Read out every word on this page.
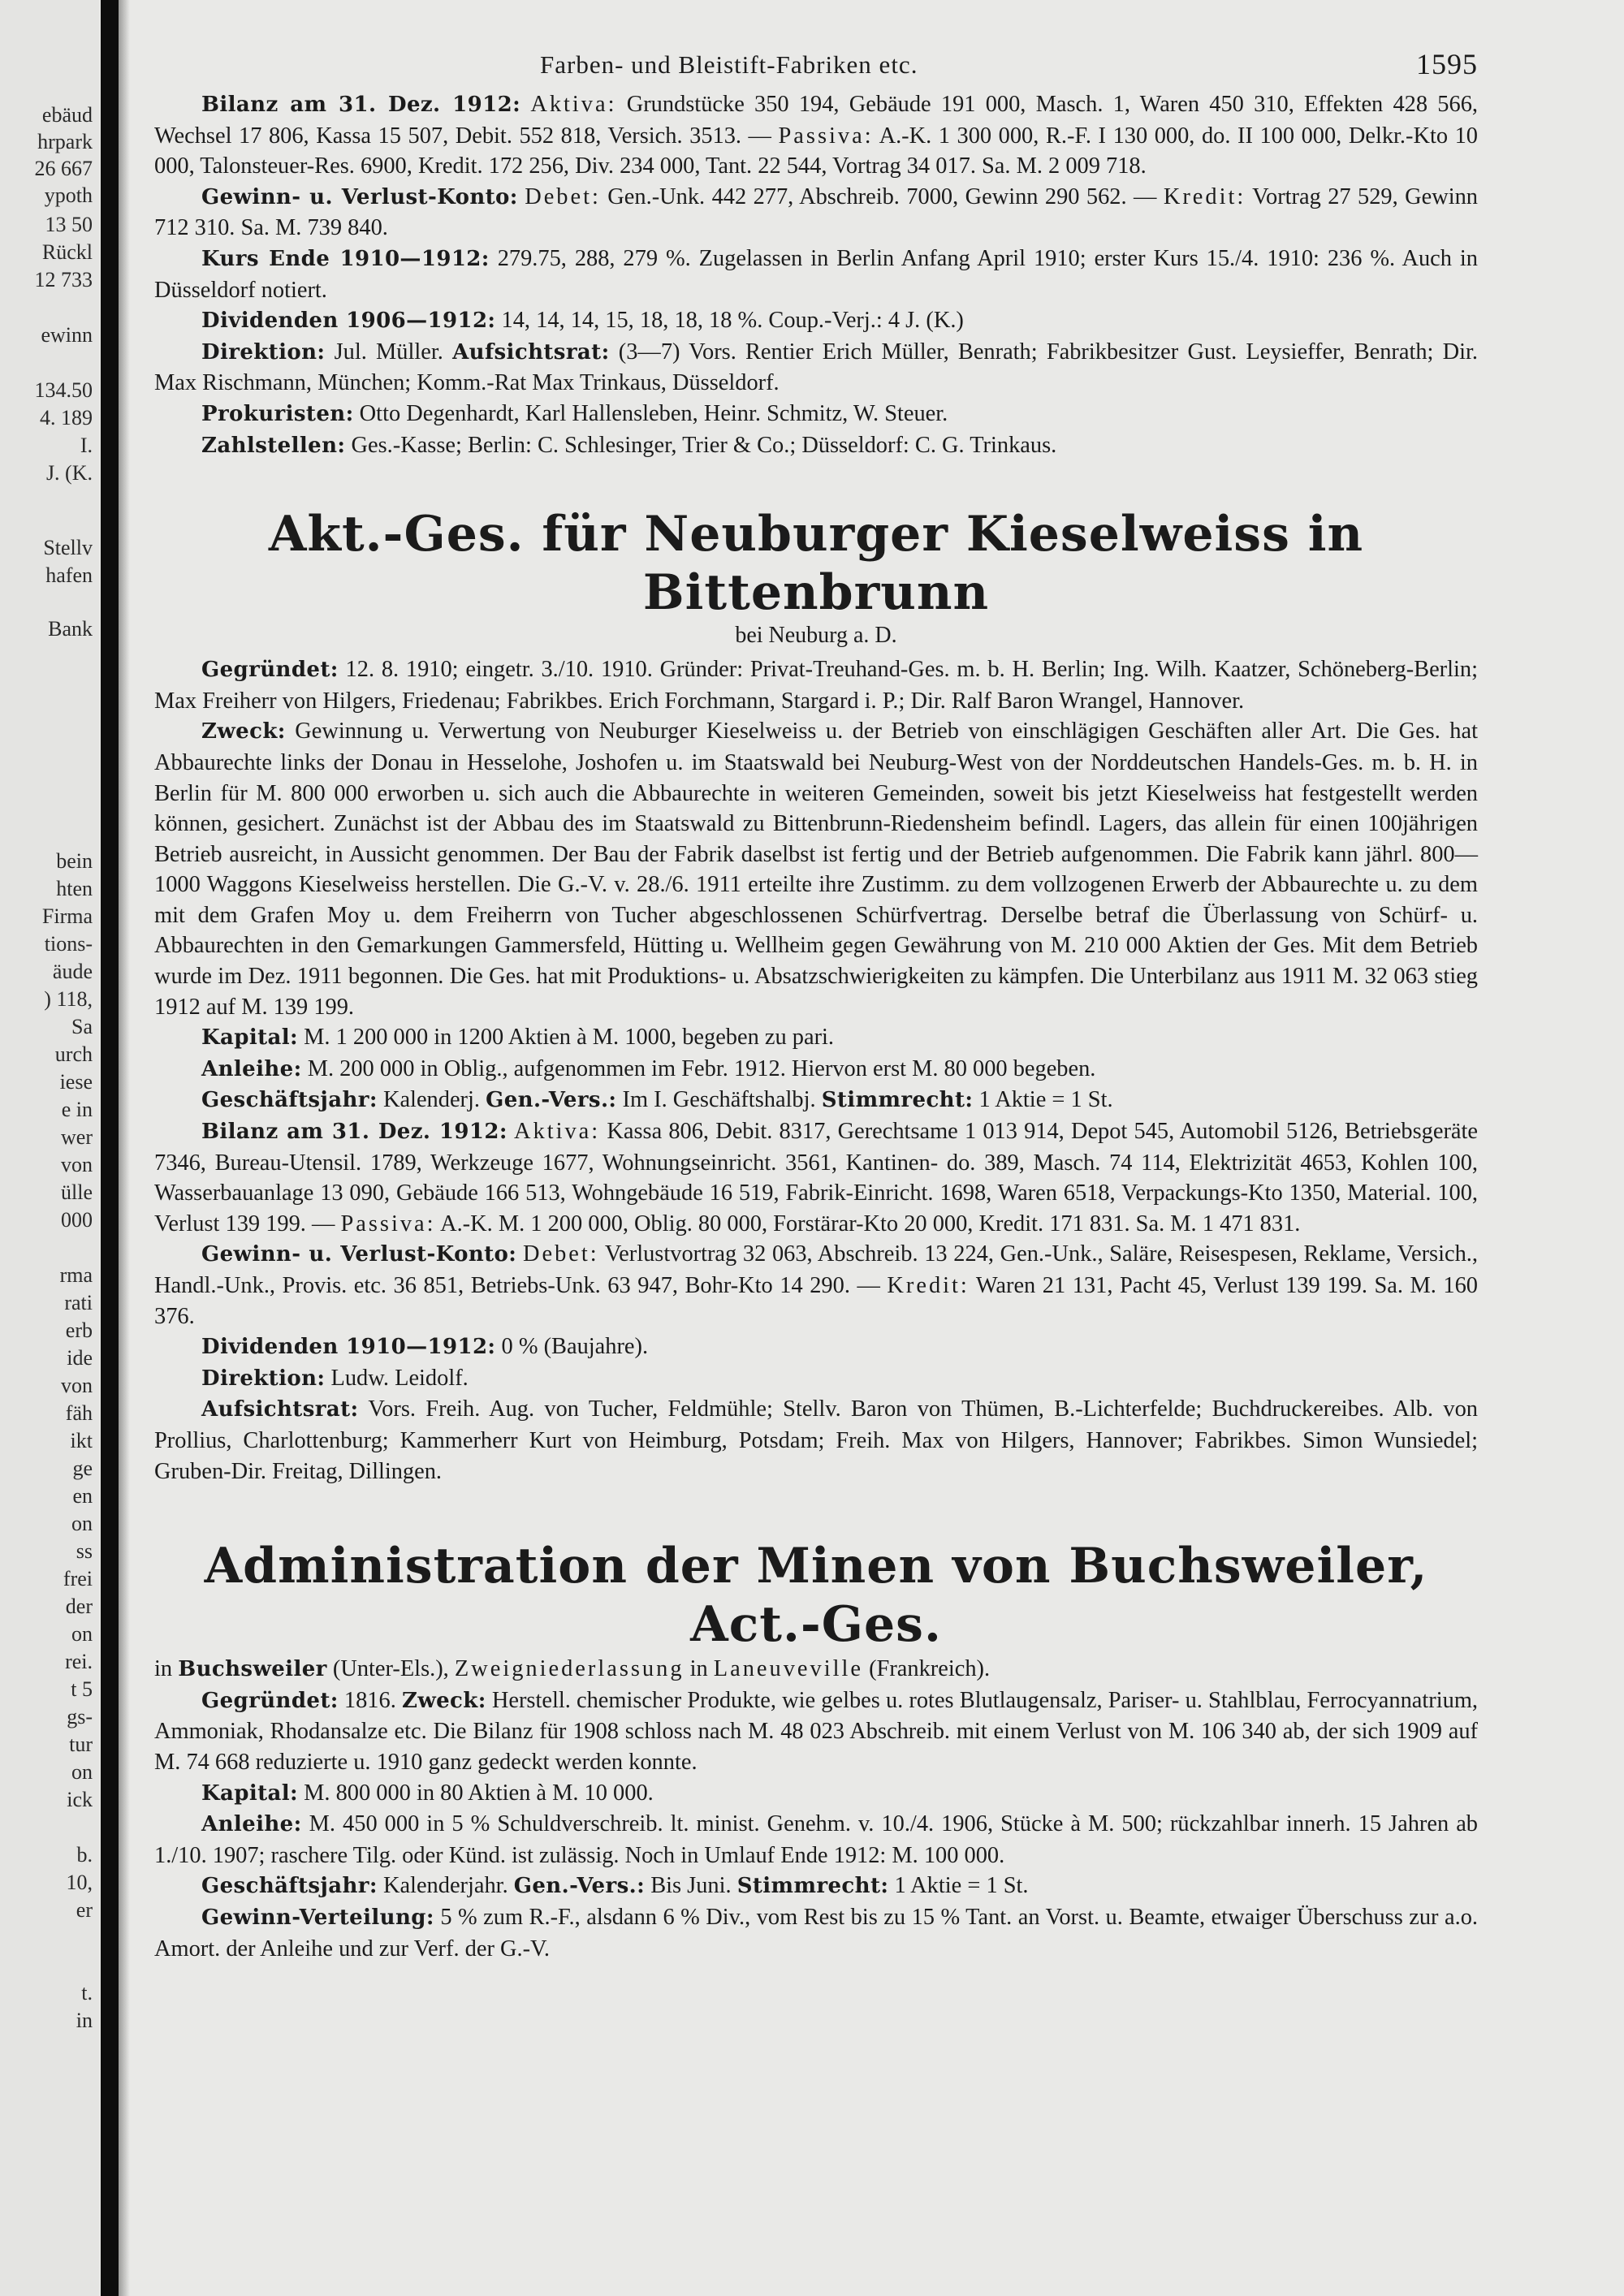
ebäud
hrpark
26 667
ypoth
13 50
Rückl
12 733
ewinn
134.50
4. 189
I.
J. (K.
Stellv
hafen
Bank
bein
hten
Firma
tions-
äude
) 118,
Sa
urch
iese
e in
wer
von
ülle
000
rma
rati
erb
ide
von
fäh
ikt
ge
en
on
ss
frei
der
on
rei.
t 5
gs-
tur
on
ick
b.
10,
er
t.
in
Farben- und Bleistift-Fabriken etc.	1595

Bilanz am 31. Dez. 1912: Aktiva: Grundstücke 350 194, Gebäude 191 000, Masch. 1, Waren 450 310, Effekten 428 566, Wechsel 17 806, Kassa 15 507, Debit. 552 818, Versich. 3513. — Passiva: A.-K. 1 300 000, R.-F. I 130 000, do. II 100 000, Delkr.-Kto 10 000, Talonsteuer-Res. 6900, Kredit. 172 256, Div. 234 000, Tant. 22 544, Vortrag 34 017. Sa. M. 2 009 718.

Gewinn- u. Verlust-Konto: Debet: Gen.-Unk. 442 277, Abschreib. 7000, Gewinn 290 562. — Kredit: Vortrag 27 529, Gewinn 712 310. Sa. M. 739 840.

Kurs Ende 1910—1912: 279.75, 288, 279 %. Zugelassen in Berlin Anfang April 1910; erster Kurs 15./4. 1910: 236 %. Auch in Düsseldorf notiert.

Dividenden 1906—1912: 14, 14, 14, 15, 18, 18, 18 %. Coup.-Verj.: 4 J. (K.)

Direktion: Jul. Müller. Aufsichtsrat: (3—7) Vors. Rentier Erich Müller, Benrath; Fabrikbesitzer Gust. Leysieffer, Benrath; Dir. Max Rischmann, München; Komm.-Rat Max Trinkaus, Düsseldorf.

Prokuristen: Otto Degenhardt, Karl Hallensleben, Heinr. Schmitz, W. Steuer.

Zahlstellen: Ges.-Kasse; Berlin: C. Schlesinger, Trier & Co.; Düsseldorf: C. G. Trinkaus.

Akt.-Ges. für Neuburger Kieselweiss in Bittenbrunn
bei Neuburg a. D.

Gegründet: 12. 8. 1910; eingetr. 3./10. 1910. Gründer: Privat-Treuhand-Ges. m. b. H. Berlin; Ing. Wilh. Kaatzer, Schöneberg-Berlin; Max Freiherr von Hilgers, Friedenau; Fabrikbes. Erich Forchmann, Stargard i. P.; Dir. Ralf Baron Wrangel, Hannover.

Zweck: Gewinnung u. Verwertung von Neuburger Kieselweiss u. der Betrieb von einschlägigen Geschäften aller Art. Die Ges. hat Abbaurechte links der Donau in Hesselohe, Joshofen u. im Staatswald bei Neuburg-West von der Norddeutschen Handels-Ges. m. b. H. in Berlin für M. 800 000 erworben u. sich auch die Abbaurechte in weiteren Gemeinden, soweit bis jetzt Kieselweiss hat festgestellt werden können, gesichert. Zunächst ist der Abbau des im Staatswald zu Bittenbrunn-Riedensheim befindl. Lagers, das allein für einen 100jährigen Betrieb ausreicht, in Aussicht genommen. Der Bau der Fabrik daselbst ist fertig und der Betrieb aufgenommen. Die Fabrik kann jährl. 800—1000 Waggons Kieselweiss herstellen. Die G.-V. v. 28./6. 1911 erteilte ihre Zustimm. zu dem vollzogenen Erwerb der Abbaurechte u. zu dem mit dem Grafen Moy u. dem Freiherrn von Tucher abgeschlossenen Schürfvertrag. Derselbe betraf die Überlassung von Schürf- u. Abbaurechten in den Gemarkungen Gammersfeld, Hütting u. Wellheim gegen Gewährung von M. 210 000 Aktien der Ges. Mit dem Betrieb wurde im Dez. 1911 begonnen. Die Ges. hat mit Produktions- u. Absatzschwierigkeiten zu kämpfen. Die Unterbilanz aus 1911 M. 32 063 stieg 1912 auf M. 139 199.

Kapital: M. 1 200 000 in 1200 Aktien à M. 1000, begeben zu pari.

Anleihe: M. 200 000 in Oblig., aufgenommen im Febr. 1912. Hiervon erst M. 80 000 begeben.

Geschäftsjahr: Kalenderj. Gen.-Vers.: Im I. Geschäftshalbj. Stimmrecht: 1 Aktie = 1 St.

Bilanz am 31. Dez. 1912: Aktiva: Kassa 806, Debit. 8317, Gerechtsame 1 013 914, Depot 545, Automobil 5126, Betriebsgeräte 7346, Bureau-Utensil. 1789, Werkzeuge 1677, Wohnungseinricht. 3561, Kantinen- do. 389, Masch. 74 114, Elektrizität 4653, Kohlen 100, Wasserbauanlage 13 090, Gebäude 166 513, Wohngebäude 16 519, Fabrik-Einricht. 1698, Waren 6518, Verpackungs-Kto 1350, Material. 100, Verlust 139 199. — Passiva: A.-K. M. 1 200 000, Oblig. 80 000, Forstärar-Kto 20 000, Kredit. 171 831. Sa. M. 1 471 831.

Gewinn- u. Verlust-Konto: Debet: Verlustvortrag 32 063, Abschreib. 13 224, Gen.-Unk., Saläre, Reisespesen, Reklame, Versich., Handl.-Unk., Provis. etc. 36 851, Betriebs-Unk. 63 947, Bohr-Kto 14 290. — Kredit: Waren 21 131, Pacht 45, Verlust 139 199. Sa. M. 160 376.

Dividenden 1910—1912: 0 % (Baujahre).

Direktion: Ludw. Leidolf.

Aufsichtsrat: Vors. Freih. Aug. von Tucher, Feldmühle; Stellv. Baron von Thümen, B.-Lichterfelde; Buchdruckereibes. Alb. von Prollius, Charlottenburg; Kammerherr Kurt von Heimburg, Potsdam; Freih. Max von Hilgers, Hannover; Fabrikbes. Simon Wunsiedel; Gruben-Dir. Freitag, Dillingen.

Administration der Minen von Buchsweiler, Act.-Ges.

in Buchsweiler (Unter-Els.), Zweigniederlassung in Laneuveville (Frankreich).

Gegründet: 1816. Zweck: Herstell. chemischer Produkte, wie gelbes u. rotes Blutlaugensalz, Pariser- u. Stahlblau, Ferrocyannatrium, Ammoniak, Rhodansalze etc. Die Bilanz für 1908 schloss nach M. 48 023 Abschreib. mit einem Verlust von M. 106 340 ab, der sich 1909 auf M. 74 668 reduzierte u. 1910 ganz gedeckt werden konnte.

Kapital: M. 800 000 in 80 Aktien à M. 10 000.

Anleihe: M. 450 000 in 5 % Schuldverschreib. lt. minist. Genehm. v. 10./4. 1906, Stücke à M. 500; rückzahlbar innerh. 15 Jahren ab 1./10. 1907; raschere Tilg. oder Künd. ist zulässig. Noch in Umlauf Ende 1912: M. 100 000.

Geschäftsjahr: Kalenderjahr. Gen.-Vers.: Bis Juni. Stimmrecht: 1 Aktie = 1 St.

Gewinn-Verteilung: 5 % zum R.-F., alsdann 6 % Div., vom Rest bis zu 15 % Tant. an Vorst. u. Beamte, etwaiger Überschuss zur a.o. Amort. der Anleihe und zur Verf. der G.-V.
